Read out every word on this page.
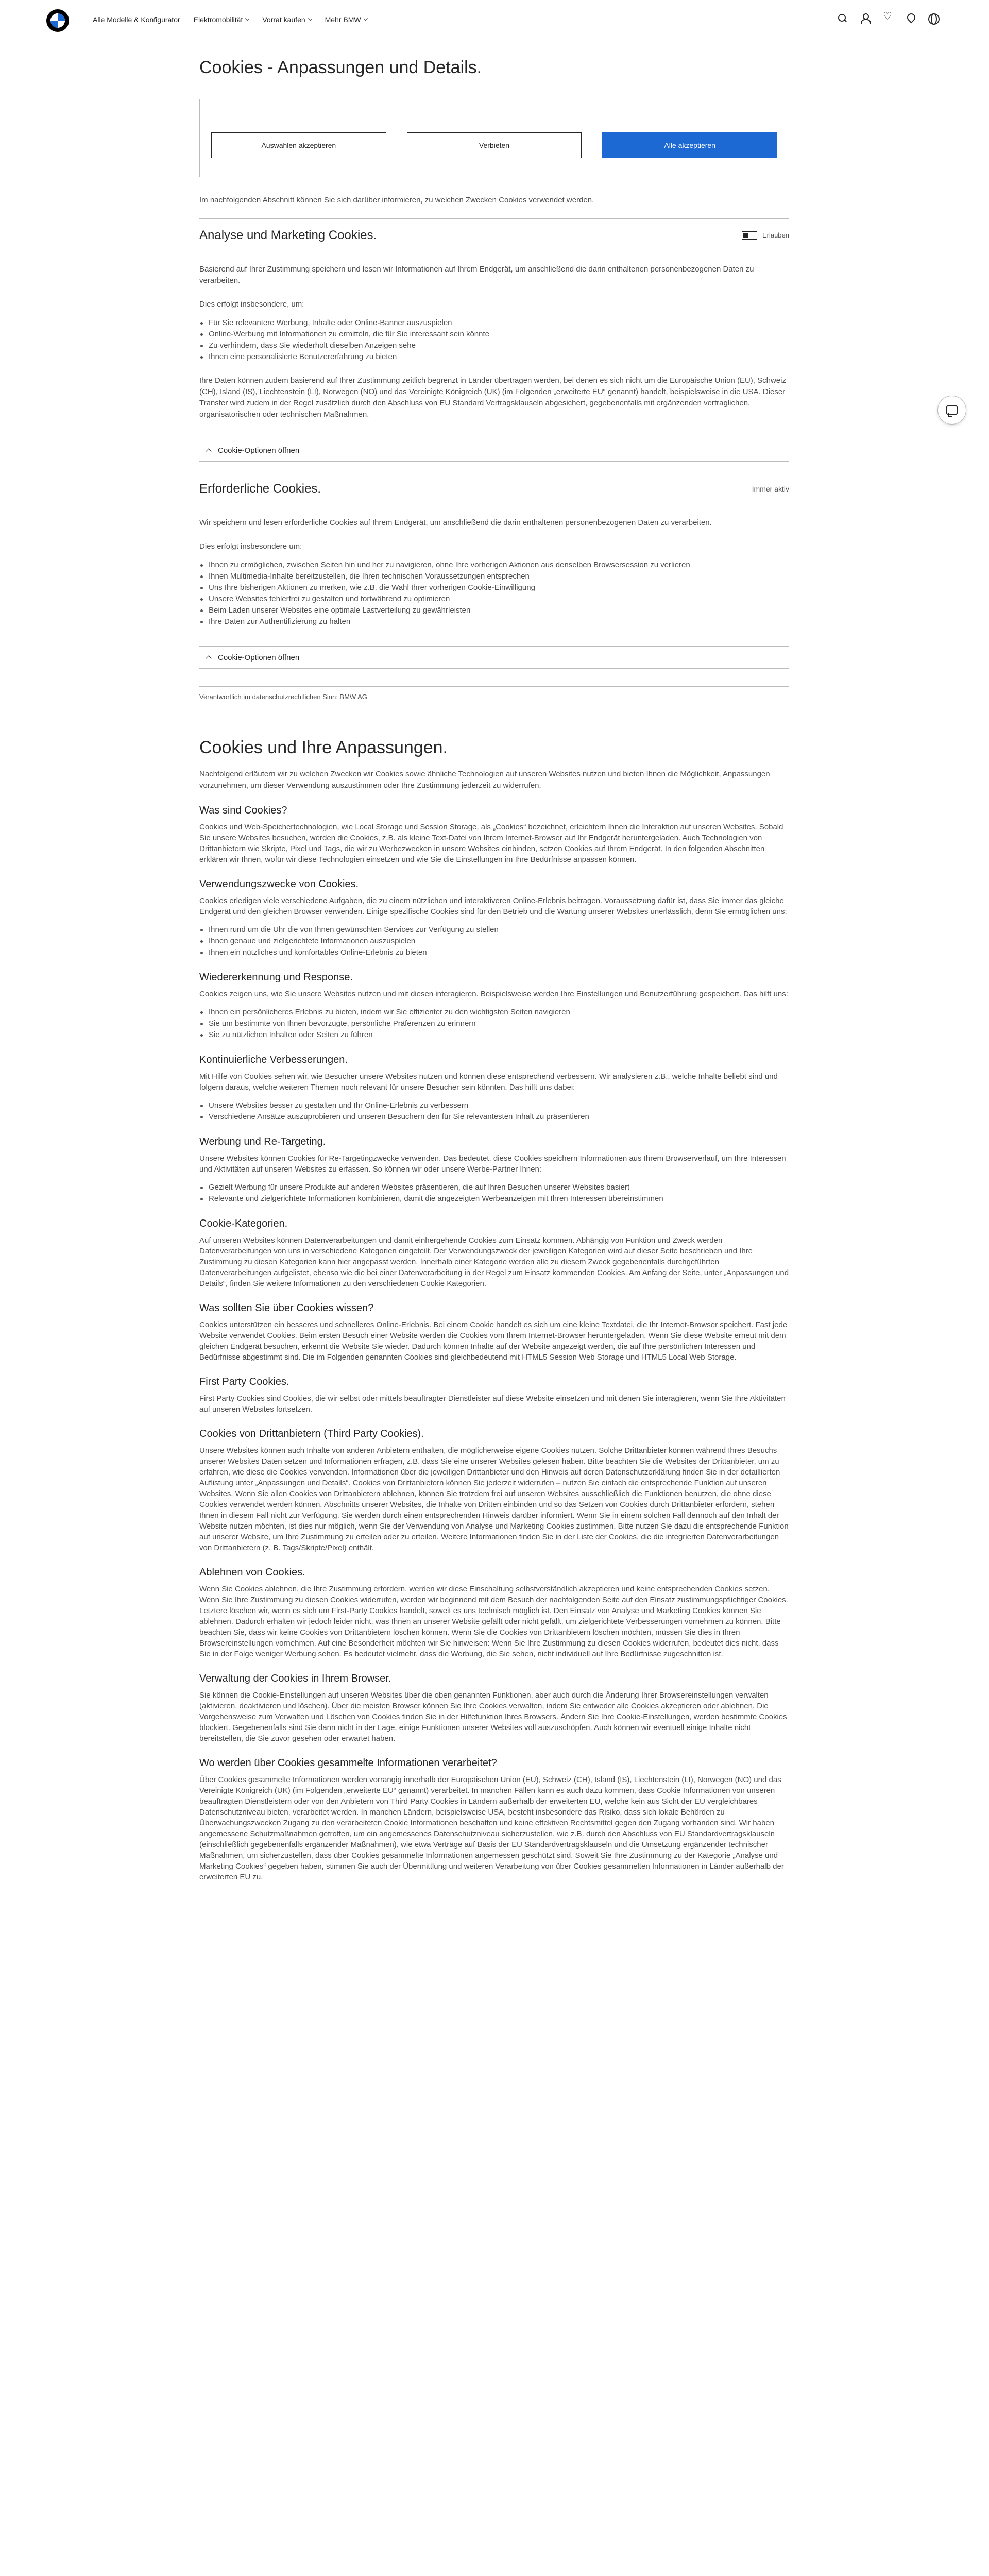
Alle Modelle & Konfigurator Elektromobilität	Vorrat kaufen	Mehr BMW
♡
Cookies - Anpassungen und Details.
Auswahlen akzeptieren	Verbieten	Alle akzeptieren

Im nachfolgenden Abschnitt können Sie sich darüber informieren, zu welchen Zwecken Cookies verwendet werden.

Analyse und Marketing Cookies.	Erlauben

Basierend auf Ihrer Zustimmung speichern und lesen wir Informationen auf Ihrem Endgerät, um anschließend die darin enthaltenen personenbezogenen Daten zu verarbeiten.

Dies erfolgt insbesondere, um:

Für Sie relevantere Werbung, Inhalte oder Online-Banner auszuspielen
Online-Werbung mit Informationen zu ermitteln, die für Sie interessant sein könnte
Zu verhindern, dass Sie wiederholt dieselben Anzeigen sehe
Ihnen eine personalisierte Benutzererfahrung zu bieten

Ihre Daten können zudem basierend auf Ihrer Zustimmung zeitlich begrenzt in Länder übertragen werden, bei denen es sich nicht um die Europäische Union (EU), Schweiz (CH), Island (IS), Liechtenstein (LI), Norwegen (NO) und das Vereinigte Königreich (UK) (im Folgenden „erweiterte EU“ genannt) handelt, beispielsweise in die USA. Dieser Transfer wird zudem in der Regel zusätzlich durch den Abschluss von EU Standard Vertragsklauseln abgesichert, gegebenenfalls mit ergänzenden vertraglichen, organisatorischen oder technischen Maßnahmen.

Cookie-Optionen öffnen
Erforderliche Cookies.	Immer aktiv

Wir speichern und lesen erforderliche Cookies auf Ihrem Endgerät, um anschließend die darin enthaltenen personenbezogenen Daten zu verarbeiten.

Dies erfolgt insbesondere um:

Ihnen zu ermöglichen, zwischen Seiten hin und her zu navigieren, ohne Ihre vorherigen Aktionen aus denselben Browsersession zu verlieren
Ihnen Multimedia-Inhalte bereitzustellen, die Ihren technischen Voraussetzungen entsprechen
Uns Ihre bisherigen Aktionen zu merken, wie z.B. die Wahl Ihrer vorherigen Cookie-Einwilligung
Unsere Websites fehlerfrei zu gestalten und fortwährend zu optimieren
Beim Laden unserer Websites eine optimale Lastverteilung zu gewährleisten
Ihre Daten zur Authentifizierung zu halten
Cookie-Optionen öffnen
Verantwortlich im datenschutzrechtlichen Sinn: BMW AG
Cookies und Ihre Anpassungen.

Nachfolgend erläutern wir zu welchen Zwecken wir Cookies sowie ähnliche Technologien auf unseren Websites nutzen und bieten Ihnen die Möglichkeit, Anpassungen vorzunehmen, um dieser Verwendung auszustimmen oder Ihre Zustimmung jederzeit zu widerrufen.

Was sind Cookies?

Cookies und Web-Speichertechnologien, wie Local Storage und Session Storage, als „Cookies“ bezeichnet, erleichtern Ihnen die Interaktion auf unseren Websites. Sobald Sie unsere Websites besuchen, werden die Cookies, z.B. als kleine Text-Datei von Ihrem Internet-Browser auf Ihr Endgerät heruntergeladen. Auch Technologien von Drittanbietern wie Skripte, Pixel und Tags, die wir zu Werbezwecken in unsere Websites einbinden, setzen Cookies auf Ihrem Endgerät. In den folgenden Abschnitten erklären wir Ihnen, wofür wir diese Technologien einsetzen und wie Sie die Einstellungen im Ihre Bedürfnisse anpassen können.

Verwendungszwecke von Cookies.

Cookies erledigen viele verschiedene Aufgaben, die zu einem nützlichen und interaktiveren Online-Erlebnis beitragen. Voraussetzung dafür ist, dass Sie immer das gleiche Endgerät und den gleichen Browser verwenden. Einige spezifische Cookies sind für den Betrieb und die Wartung unserer Websites unerlässlich, denn Sie ermöglichen uns:

Ihnen rund um die Uhr die von Ihnen gewünschten Services zur Verfügung zu stellen
Ihnen genaue und zielgerichtete Informationen auszuspielen
Ihnen ein nützliches und komfortables Online-Erlebnis zu bieten
Wiedererkennung und Response.

Cookies zeigen uns, wie Sie unsere Websites nutzen und mit diesen interagieren. Beispielsweise werden Ihre Einstellungen und Benutzerführung gespeichert. Das hilft uns:

Ihnen ein persönlicheres Erlebnis zu bieten, indem wir Sie effizienter zu den wichtigsten Seiten navigieren
Sie um bestimmte von Ihnen bevorzugte, persönliche Präferenzen zu erinnern
Sie zu nützlichen Inhalten oder Seiten zu führen
Kontinuierliche Verbesserungen.

Mit Hilfe von Cookies sehen wir, wie Besucher unsere Websites nutzen und können diese entsprechend verbessern. Wir analysieren z.B., welche Inhalte beliebt sind und folgern daraus, welche weiteren Themen noch relevant für unsere Besucher sein könnten. Das hilft uns dabei:

Unsere Websites besser zu gestalten und Ihr Online-Erlebnis zu verbessern
Verschiedene Ansätze auszuprobieren und unseren Besuchern den für Sie relevantesten Inhalt zu präsentieren
Werbung und Re-Targeting.

Unsere Websites können Cookies für Re-Targetingzwecke verwenden. Das bedeutet, diese Cookies speichern Informationen aus Ihrem Browserverlauf, um Ihre Interessen und Aktivitäten auf unseren Websites zu erfassen. So können wir oder unsere Werbe-Partner Ihnen:

Gezielt Werbung für unsere Produkte auf anderen Websites präsentieren, die auf Ihren Besuchen unserer Websites basiert
Relevante und zielgerichtete Informationen kombinieren, damit die angezeigten Werbeanzeigen mit Ihren Interessen übereinstimmen
Cookie-Kategorien.

Auf unseren Websites können Datenverarbeitungen und damit einhergehende Cookies zum Einsatz kommen. Abhängig von Funktion und Zweck werden Datenverarbeitungen von uns in verschiedene Kategorien eingeteilt. Der Verwendungszweck der jeweiligen Kategorien wird auf dieser Seite beschrieben und Ihre Zustimmung zu diesen Kategorien kann hier angepasst werden. Innerhalb einer Kategorie werden alle zu diesem Zweck gegebenenfalls durchgeführten Datenverarbeitungen aufgelistet, ebenso wie die bei einer Datenverarbeitung in der Regel zum Einsatz kommenden Cookies. Am Anfang der Seite, unter „Anpassungen und Details“, finden Sie weitere Informationen zu den verschiedenen Cookie Kategorien.

Was sollten Sie über Cookies wissen?

Cookies unterstützen ein besseres und schnelleres Online-Erlebnis. Bei einem Cookie handelt es sich um eine kleine Textdatei, die Ihr Internet-Browser speichert. Fast jede Website verwendet Cookies. Beim ersten Besuch einer Website werden die Cookies vom Ihrem Internet-Browser heruntergeladen. Wenn Sie diese Website erneut mit dem gleichen Endgerät besuchen, erkennt die Website Sie wieder. Dadurch können Inhalte auf der Website angezeigt werden, die auf Ihre persönlichen Interessen und Bedürfnisse abgestimmt sind. Die im Folgenden genannten Cookies sind gleichbedeutend mit HTML5 Session Web Storage und HTML5 Local Web Storage.

First Party Cookies.

First Party Cookies sind Cookies, die wir selbst oder mittels beauftragter Dienstleister auf diese Website einsetzen und mit denen Sie interagieren, wenn Sie Ihre Aktivitäten auf unseren Websites fortsetzen.

Cookies von Drittanbietern (Third Party Cookies).

Unsere Websites können auch Inhalte von anderen Anbietern enthalten, die möglicherweise eigene Cookies nutzen. Solche Drittanbieter können während Ihres Besuchs unserer Websites Daten setzen und Informationen erfragen, z.B. dass Sie eine unserer Websites gelesen haben. Bitte beachten Sie die Websites der Drittanbieter, um zu erfahren, wie diese die Cookies verwenden. Informationen über die jeweiligen Drittanbieter und den Hinweis auf deren Datenschutzerklärung finden Sie in der detaillierten Auflistung unter „Anpassungen und Details“. Cookies von Drittanbietern können Sie jederzeit widerrufen – nutzen Sie einfach die entsprechende Funktion auf unseren Websites. Wenn Sie allen Cookies von Drittanbietern ablehnen, können Sie trotzdem frei auf unseren Websites ausschließlich die Funktionen benutzen, die ohne diese Cookies verwendet werden können. Abschnitts unserer Websites, die Inhalte von Dritten einbinden und so das Setzen von Cookies durch Drittanbieter erfordern, stehen Ihnen in diesem Fall nicht zur Verfügung. Sie werden durch einen entsprechenden Hinweis darüber informiert. Wenn Sie in einem solchen Fall dennoch auf den Inhalt der Website nutzen möchten, ist dies nur möglich, wenn Sie der Verwendung von Analyse und Marketing Cookies zustimmen. Bitte nutzen Sie dazu die entsprechende Funktion auf unserer Website, um Ihre Zustimmung zu erteilen oder zu erteilen. Weitere Informationen finden Sie in der Liste der Cookies, die die integrierten Datenverarbeitungen von Drittanbietern (z. B. Tags/Skripte/Pixel) enthält.

Ablehnen von Cookies.

Wenn Sie Cookies ablehnen, die Ihre Zustimmung erfordern, werden wir diese Einschaltung selbstverständlich akzeptieren und keine entsprechenden Cookies setzen. Wenn Sie Ihre Zustimmung zu diesen Cookies widerrufen, werden wir beginnend mit dem Besuch der nachfolgenden Seite auf den Einsatz zustimmungspflichtiger Cookies. Letztere löschen wir, wenn es sich um First-Party Cookies handelt, soweit es uns technisch möglich ist. Den Einsatz von Analyse und Marketing Cookies können Sie ablehnen. Dadurch erhalten wir jedoch leider nicht, was Ihnen an unserer Website gefällt oder nicht gefällt, um zielgerichtete Verbesserungen vornehmen zu können. Bitte beachten Sie, dass wir keine Cookies von Drittanbietern löschen können. Wenn Sie die Cookies von Drittanbietern löschen möchten, müssen Sie dies in Ihren Browsereinstellungen vornehmen. Auf eine Besonderheit möchten wir Sie hinweisen: Wenn Sie Ihre Zustimmung zu diesen Cookies widerrufen, bedeutet dies nicht, dass Sie in der Folge weniger Werbung sehen. Es bedeutet vielmehr, dass die Werbung, die Sie sehen, nicht individuell auf Ihre Bedürfnisse zugeschnitten ist.

Verwaltung der Cookies in Ihrem Browser.

Sie können die Cookie-Einstellungen auf unseren Websites über die oben genannten Funktionen, aber auch durch die Änderung Ihrer Browsereinstellungen verwalten (aktivieren, deaktivieren und löschen). Über die meisten Browser können Sie Ihre Cookies verwalten, indem Sie entweder alle Cookies akzeptieren oder ablehnen. Die Vorgehensweise zum Verwalten und Löschen von Cookies finden Sie in der Hilfefunktion Ihres Browsers. Ändern Sie Ihre Cookie-Einstellungen, werden bestimmte Cookies blockiert. Gegebenenfalls sind Sie dann nicht in der Lage, einige Funktionen unserer Websites voll auszuschöpfen. Auch können wir eventuell einige Inhalte nicht bereitstellen, die Sie zuvor gesehen oder erwartet haben.

Wo werden über Cookies gesammelte Informationen verarbeitet?

Über Cookies gesammelte Informationen werden vorrangig innerhalb der Europäischen Union (EU), Schweiz (CH), Island (IS), Liechtenstein (LI), Norwegen (NO) und das Vereinigte Königreich (UK) (im Folgenden „erweiterte EU“ genannt) verarbeitet. In manchen Fällen kann es auch dazu kommen, dass Cookie Informationen von unseren beauftragten Dienstleistern oder von den Anbietern von Third Party Cookies in Ländern außerhalb der erweiterten EU, welche kein aus Sicht der EU vergleichbares Datenschutzniveau bieten, verarbeitet werden. In manchen Ländern, beispielsweise USA, besteht insbesondere das Risiko, dass sich lokale Behörden zu Überwachungszwecken Zugang zu den verarbeiteten Cookie Informationen beschaffen und keine effektiven Rechtsmittel gegen den Zugang vorhanden sind. Wir haben angemessene Schutzmaßnahmen getroffen, um ein angemessenes Datenschutzniveau sicherzustellen, wie z.B. durch den Abschluss von EU Standardvertragsklauseln (einschließlich gegebenenfalls ergänzender Maßnahmen), wie etwa Verträge auf Basis der EU Standardvertragsklauseln und die Umsetzung ergänzender technischer Maßnahmen, um sicherzustellen, dass über Cookies gesammelte Informationen angemessen geschützt sind. Soweit Sie Ihre Zustimmung zu der Kategorie „Analyse und Marketing Cookies“ gegeben haben, stimmen Sie auch der Übermittlung und weiteren Verarbeitung von über Cookies gesammelten Informationen in Länder außerhalb der erweiterten EU zu.
